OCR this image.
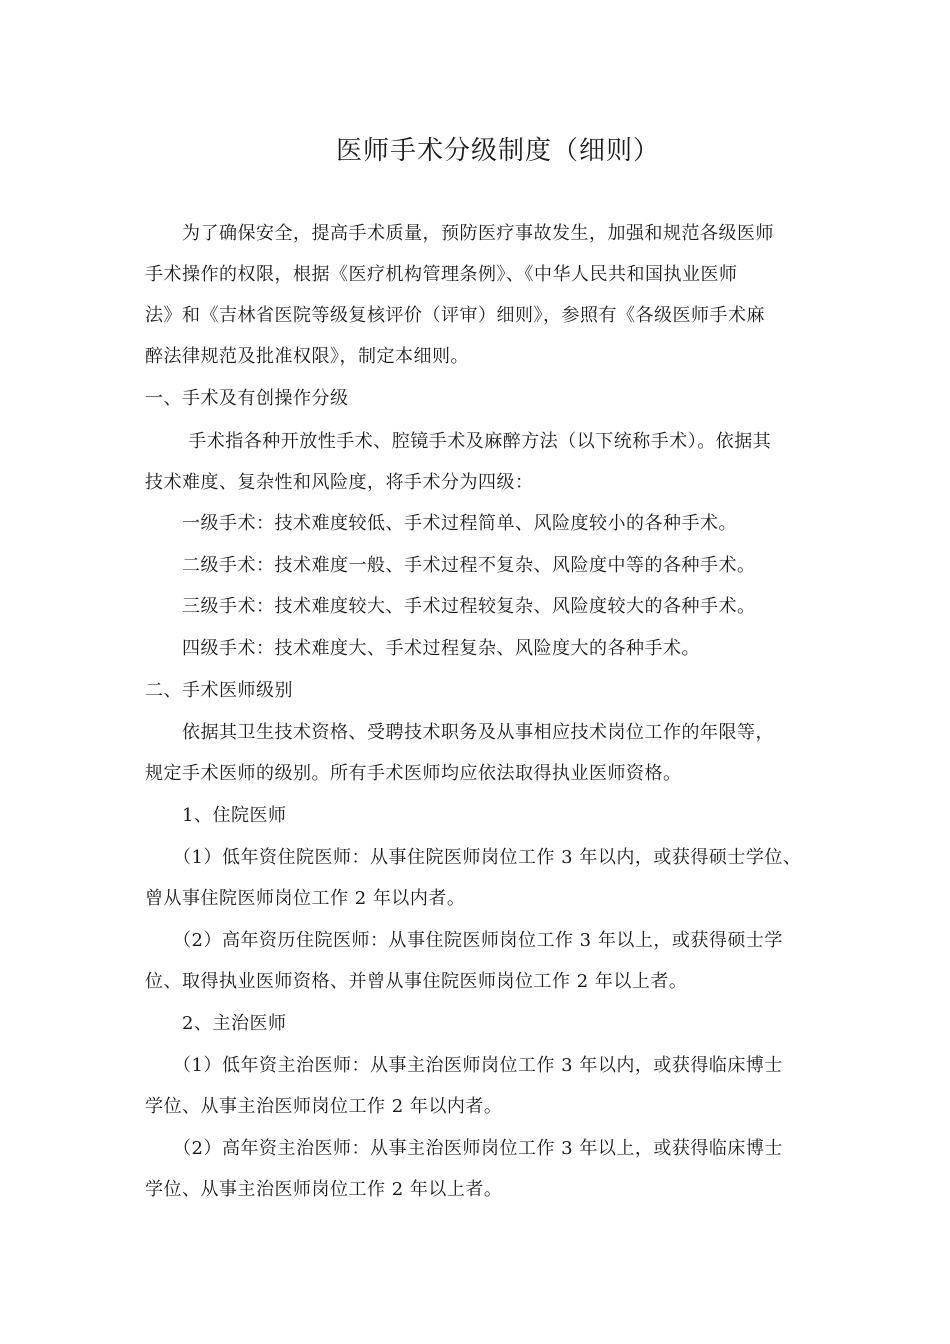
医师手术分级制度（细则）
　　为了确保安全，提高手术质量，预防医疗事故发生，加强和规范各级医师
手术操作的权限，根据《医疗机构管理条例》、《中华人民共和国执业医师
法》和《吉林省医院等级复核评价（评审）细则》，参照有《各级医师手术麻
醉法律规范及批准权限》，制定本细则。
一、手术及有创操作分级
　　 手术指各种开放性手术、腔镜手术及麻醉方法（以下统称手术）。依据其
技术难度、复杂性和风险度，将手术分为四级：
　　一级手术：技术难度较低、手术过程简单、风险度较小的各种手术。
　　二级手术：技术难度一般、手术过程不复杂、风险度中等的各种手术。
　　三级手术：技术难度较大、手术过程较复杂、风险度较大的各种手术。
　　四级手术：技术难度大、手术过程复杂、风险度大的各种手术。
二、手术医师级别
　　依据其卫生技术资格、受聘技术职务及从事相应技术岗位工作的年限等，
规定手术医师的级别。所有手术医师均应依法取得执业医师资格。
　　1、住院医师
　　（1）低年资住院医师：从事住院医师岗位工作 3 年以内，或获得硕士学位、
曾从事住院医师岗位工作 2 年以内者。
　　（2）高年资历住院医师：从事住院医师岗位工作 3 年以上，或获得硕士学
位、取得执业医师资格、并曾从事住院医师岗位工作 2 年以上者。
　　2、主治医师
　　（1）低年资主治医师：从事主治医师岗位工作 3 年以内，或获得临床博士
学位、从事主治医师岗位工作 2 年以内者。
　　（2）高年资主治医师：从事主治医师岗位工作 3 年以上，或获得临床博士
学位、从事主治医师岗位工作 2 年以上者。
